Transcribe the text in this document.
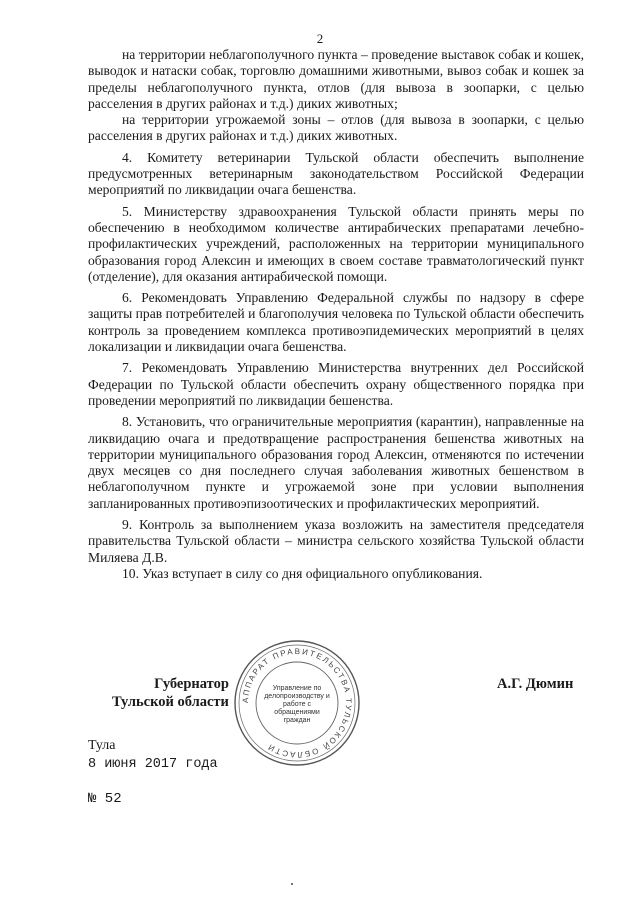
2

на территории неблагополучного пункта – проведение выставок собак и кошек, выводок и натаски собак, торговлю домашними животными, вывоз собак и кошек за пределы неблагополучного пункта, отлов (для вывоза в зоопарки, с целью расселения в других районах и т.д.) диких животных;

на территории угрожаемой зоны – отлов (для вывоза в зоопарки, с целью расселения в других районах и т.д.) диких животных.

4. Комитету ветеринарии Тульской области обеспечить выполнение предусмотренных ветеринарным законодательством Российской Федерации мероприятий по ликвидации очага бешенства.

5. Министерству здравоохранения Тульской области принять меры по обеспечению в необходимом количестве антирабических препаратами лечебно-профилактических учреждений, расположенных на территории муниципального образования город Алексин и имеющих в своем составе травматологический пункт (отделение), для оказания антирабической помощи.

6. Рекомендовать Управлению Федеральной службы по надзору в сфере защиты прав потребителей и благополучия человека по Тульской области обеспечить контроль за проведением комплекса противоэпидемических мероприятий в целях локализации и ликвидации очага бешенства.

7. Рекомендовать Управлению Министерства внутренних дел Российской Федерации по Тульской области обеспечить охрану общественного порядка при проведении мероприятий по ликвидации бешенства.

8. Установить, что ограничительные мероприятия (карантин), направленные на ликвидацию очага и предотвращение распространения бешенства животных на территории муниципального образования город Алексин, отменяются по истечении двух месяцев со дня последнего случая заболевания животных бешенством в неблагополучном пункте и угрожаемой зоне при условии выполнения запланированных противоэпизоотических и профилактических мероприятий.

9. Контроль за выполнением указа возложить на заместителя председателя правительства Тульской области – министра сельского хозяйства Тульской области Миляева Д.В.

10. Указ вступает в силу со дня официального опубликования.

АППАРАТ ПРАВИТЕЛЬСТВА ТУЛЬСКОЙ ОБЛАСТИ
Управление по делопроизводству и работе с обращениями граждан
Губернатор
Тульской области
А.Г. Дюмин
Тула
8 июня 2017 года
№ 52
